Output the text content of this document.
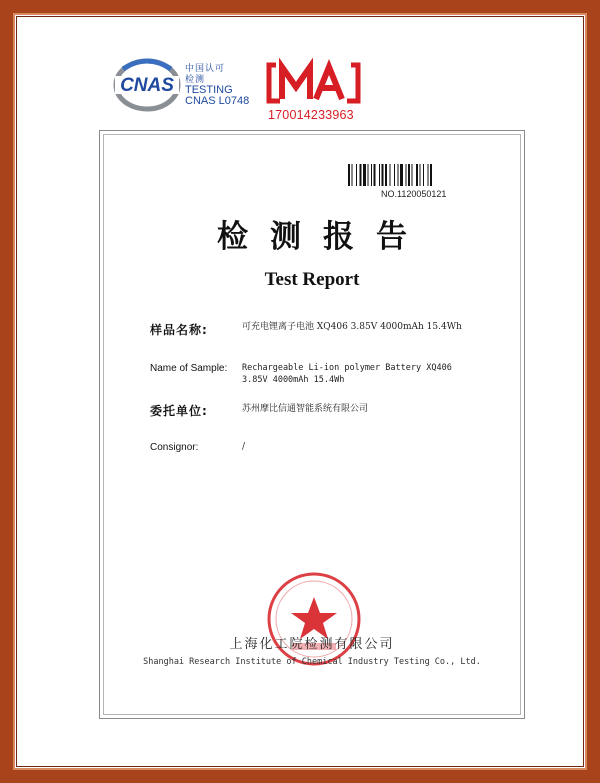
CNAS
中国认可
检测
TESTING
CNAS L0748
170014233963
NO.1120050121
检测报告
Test Report
样品名称:	可充电锂离子电池 XQ406 3.85V 4000mAh 15.4Wh
Name of Sample: Rechargeable Li-ion polymer Battery XQ406 3.85V 4000mAh 15.4Wh
委托单位:	苏州摩比信通智能系统有限公司
Consignor:	/
上海化工院检测有限公司
Shanghai Research Institute of Chemical Industry Testing Co., Ltd.
